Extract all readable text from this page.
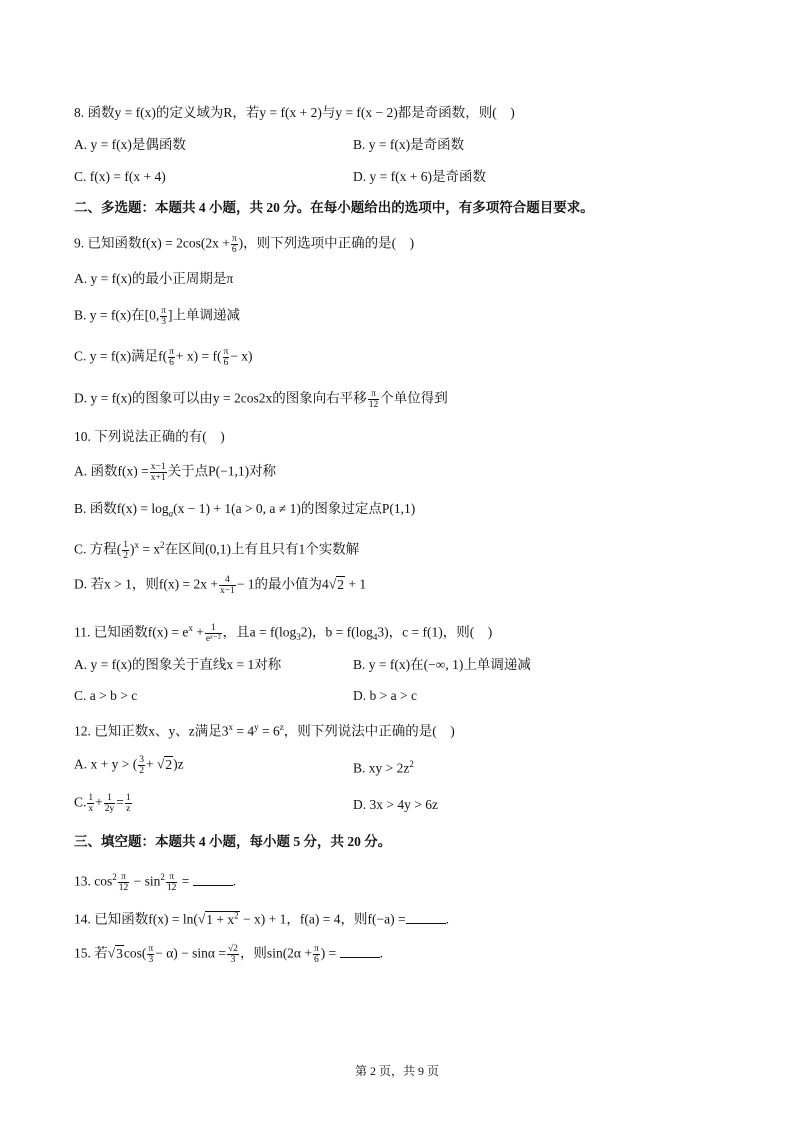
8. 函数y = f(x)的定义域为R，若y = f(x + 2)与y = f(x − 2)都是奇函数，则(　)
A. y = f(x)是偶函数	B. y = f(x)是奇函数
C. f(x) = f(x + 4)	D. y = f(x + 6)是奇函数
二、多选题：本题共 4 小题，共 20 分。在每小题给出的选项中，有多项符合题目要求。
9. 已知函数$f(x) = 2\cos(2x + \frac{\pi}{6}$ )，则下列选项中正确的是(　)
A. y = f(x)的最小正周期是π
B. y = f(x)在[0, $\frac{\pi}{3}$ ]上单调递减
C. y = f(x)满足$f( \frac{\pi}{6} + x) = f( \frac{\pi}{6} - x)$
D. y = f(x)的图象可以由y = 2cos2x的图象向右平移 $\frac{\pi}{12}$ 个单位得到
10. 下列说法正确的有(　)
A. 函数$f(x) = \frac{x-1}{x+1}$ 关于点P(−1,1)对称
B. 函数$f(x) = \log_a(x - 1) + 1(a > 0$, a ≠ 1)的图象过定点P(1,1)
C. 方程( $\frac{1}{2} )^x = x^2$在区间(0,1)上有且只有1个实数解
D. 若x > 1，则$f(x) = 2x + \frac{4}{x-1} - 1$的最小值为4√2 + 1
11. 已知函数$f(x) = e^x + \frac{1}{\text{eˣ⁻²}}$ ，且$a = f(\log_32)$，$b = f(\log_43)$，c = f(1)，则(　)
A. y = f(x)的图象关于直线x = 1对称	B. y = f(x)在(−∞, 1)上单调递减
C. a > b > c	D. b > a > c
12. 已知正数x、y、z满足$3^x = 4^y = 6^z$，则下列说法中正确的是(　)
A. x + y > ( $\frac{3}{2} + √2)z$	B. xy > $2z^2$
C. $\frac{1}{x} + \frac{1}{2y} = \frac{1}{z}$	D. 3x > 4y > 6z
三、填空题：本题共 4 小题，每小题 5 分，共 20 分。
13. $\cos^2 \frac{\pi}{12} - \sin^2 \frac{\pi}{12}$ =	.
14. 已知函数$f(x) = \ln(√1 + x^2 - x) + 1$，f(a) = 4，则f(−a) =	.
15. 若$√3\cos( \frac{\pi}{3} - \alpha) - \sin\alpha = \frac{√2}{3}$ ，则$\sin(2\alpha + \frac{\pi}{6}$ ) =	.
第 2 页，共 9 页
